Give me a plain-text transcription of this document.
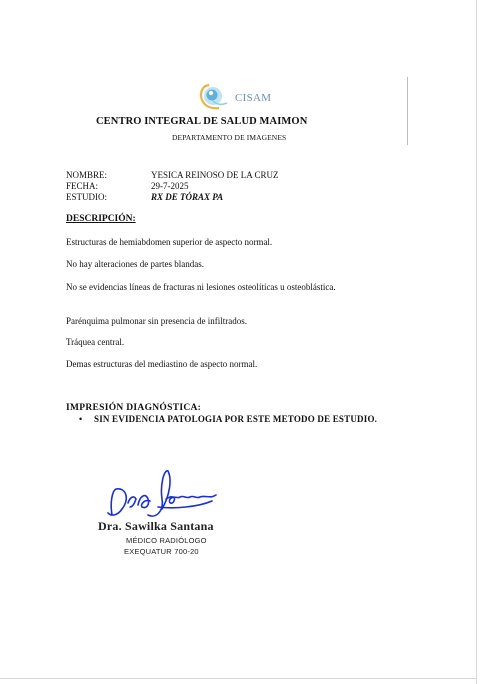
CISAM
CENTRO INTEGRAL DE SALUD MAIMON
DEPARTAMENTO DE IMAGENES
NOMBRE:	YESICA REINOSO DE LA CRUZ
FECHA:	29-7-2025
ESTUDIO:	RX DE TÓRAX PA
DESCRIPCIÓN:
Estructuras de hemiabdomen superior de aspecto normal.
No hay alteraciones de partes blandas.
No se evidencias líneas de fracturas ni lesiones osteolíticas u osteoblástica.
Parénquima pulmonar sin presencia de infiltrados.
Tráquea central.
Demas estructuras del mediastino de aspecto normal.
IMPRESIÓN DIAGNÓSTICA:
• SIN EVIDENCIA PATOLOGIA POR ESTE METODO DE ESTUDIO.
Dra. Sawilka Santana
MÉDICO RADIÓLOGO
EXEQUATUR 700-20
